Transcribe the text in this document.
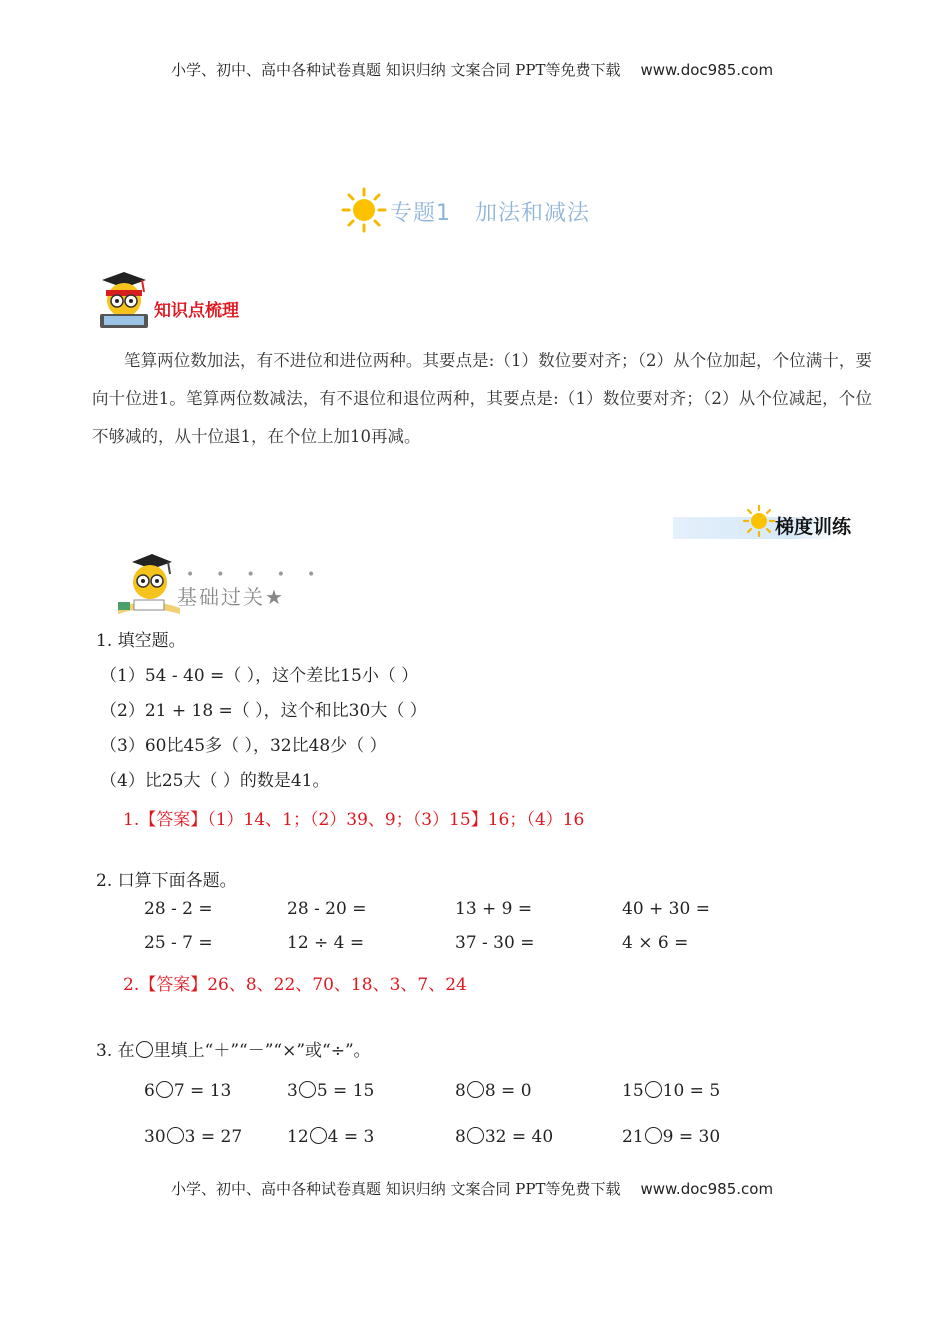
小学、初中、高中各种试卷真题 知识归纳 文案合同 PPT等免费下载 www.doc985.com
专题1 加法和减法
知识点梳理
笔算两位数加法，有不进位和进位两种。其要点是:（1）数位要对齐；（2）从个位加起，个位满十，要向十位进1。笔算两位数减法，有不退位和退位两种，其要点是:（1）数位要对齐；（2）从个位减起，个位不够减的，从十位退1，在个位上加10再减。
梯度训练
•••••
基础过关★
1. 填空题。
（1）54 - 40 =（ ），这个差比15小（ ）
（2）21 + 18 =（ ），这个和比30大（ ）
（3）60比45多（ ），32比48少（ ）
（4）比25大（ ）的数是41。
1.【答案】（1）14、1；（2）39、9；（3）15】16；（4）16
2. 口算下面各题。
28 - 2 =	28 - 20 =	13 + 9 =	40 + 30 =
25 - 7 =	12 ÷ 4 =	37 - 30 =	4 × 6 =
2.【答案】26、8、22、70、18、3、7、24
3. 在 里填上“＋”“－”“×”或“÷”。
6 7 = 13	3 5 = 15	8 8 = 0	15 10 = 5
30 3 = 27	12 4 = 3	8 32 = 40	21 9 = 30
小学、初中、高中各种试卷真题 知识归纳 文案合同 PPT等免费下载 www.doc985.com
